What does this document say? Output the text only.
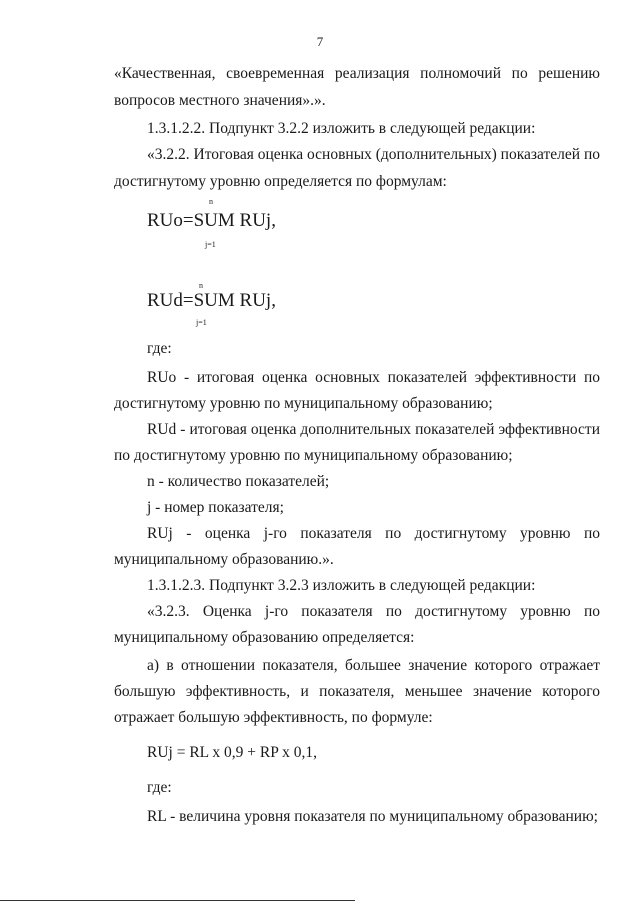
7

«Качественная, своевременная реализация полномочий по решению

вопросов местного значения».».

1.3.1.2.2. Подпункт 3.2.2 изложить в следующей редакции:

«3.2.2. Итоговая оценка основных (дополнительных) показателей по

достигнутому уровню определяется по формулам:

n
RUo=SUM RUj,
j=1
n
RUd=SUM RUj,
j=1

где:

RUo - итоговая оценка основных показателей эффективности по

достигнутому уровню по муниципальному образованию;

RUd - итоговая оценка дополнительных показателей эффективности

по достигнутому уровню по муниципальному образованию;

n - количество показателей;

j - номер показателя;

RUj - оценка j-го показателя по достигнутому уровню по

муниципальному образованию.».

1.3.1.2.3. Подпункт 3.2.3 изложить в следующей редакции:

«3.2.3. Оценка j-го показателя по достигнутому уровню по

муниципальному образованию определяется:

а) в отношении показателя, большее значение которого отражает

большую эффективность, и показателя, меньшее значение которого

отражает большую эффективность, по формуле:

RUj = RL x 0,9 + RP x 0,1,

где:

RL - величина уровня показателя по муниципальному образованию;
